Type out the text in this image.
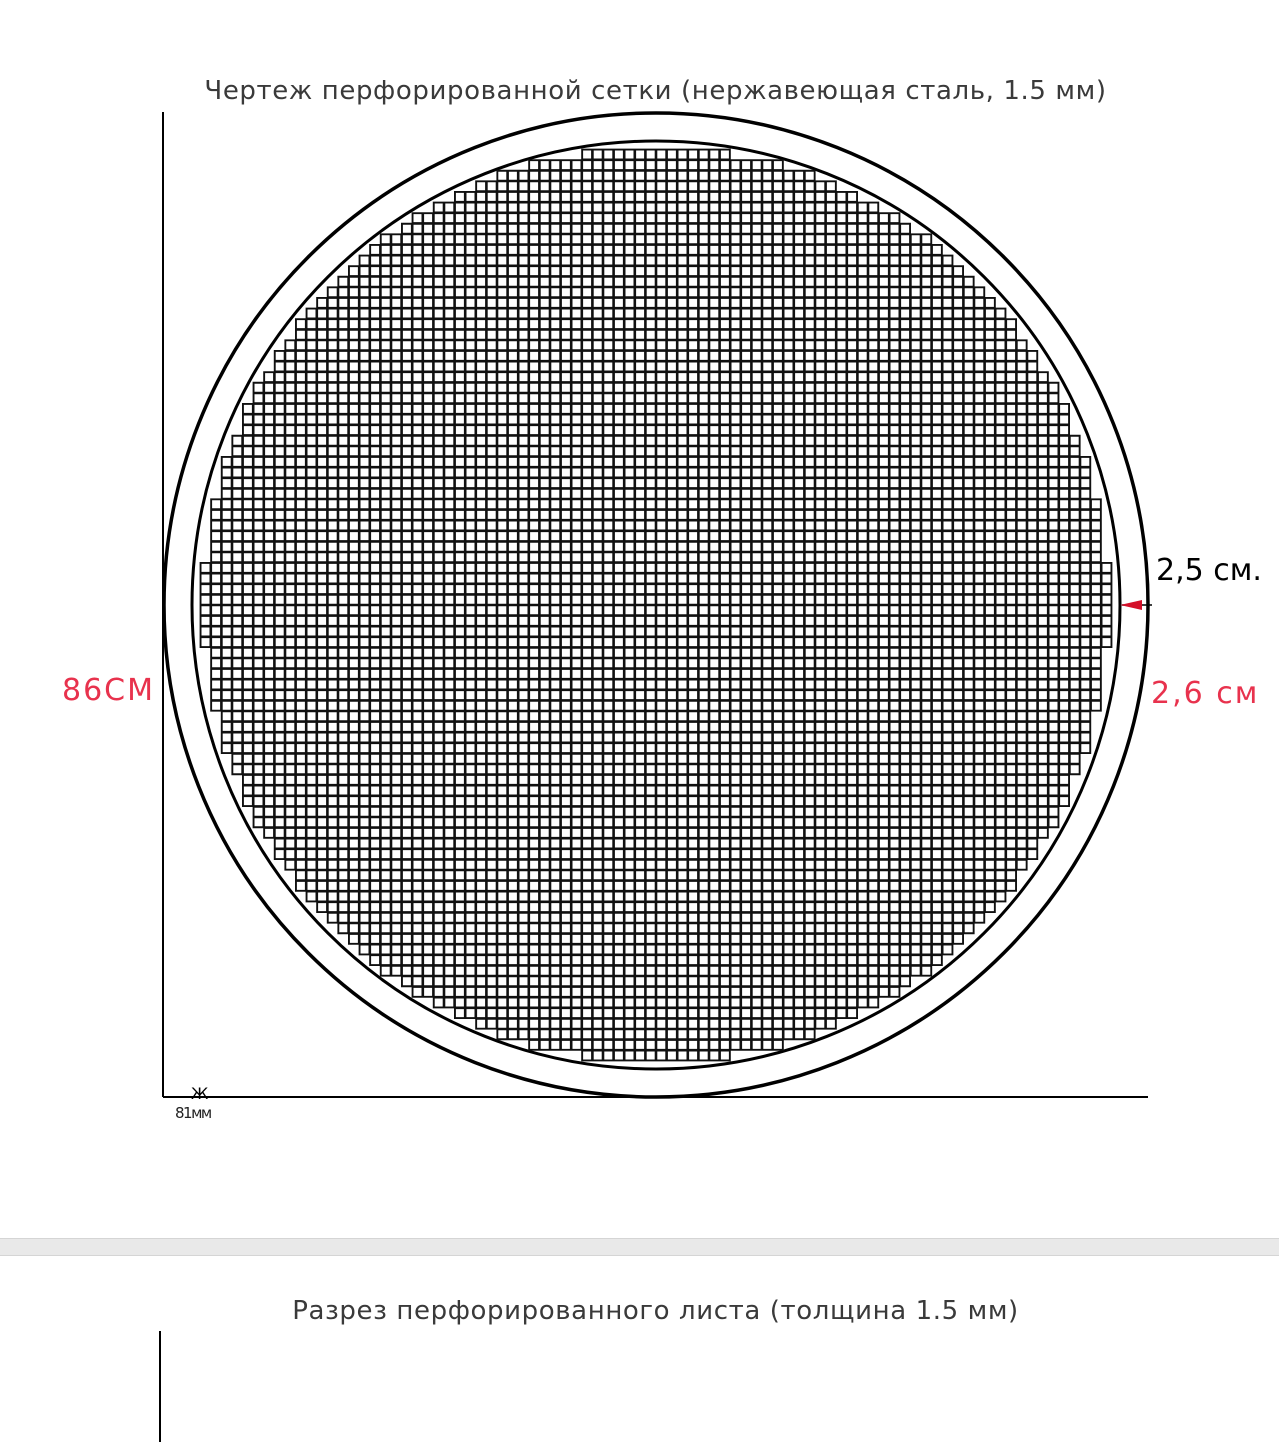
Чертеж перфорированной сетки (нержавеющая сталь, 1.5 мм)
86СМ
2,5 см.
2,6 см
Ж
81мм
Разрез перфорированного листа (толщина 1.5 мм)
